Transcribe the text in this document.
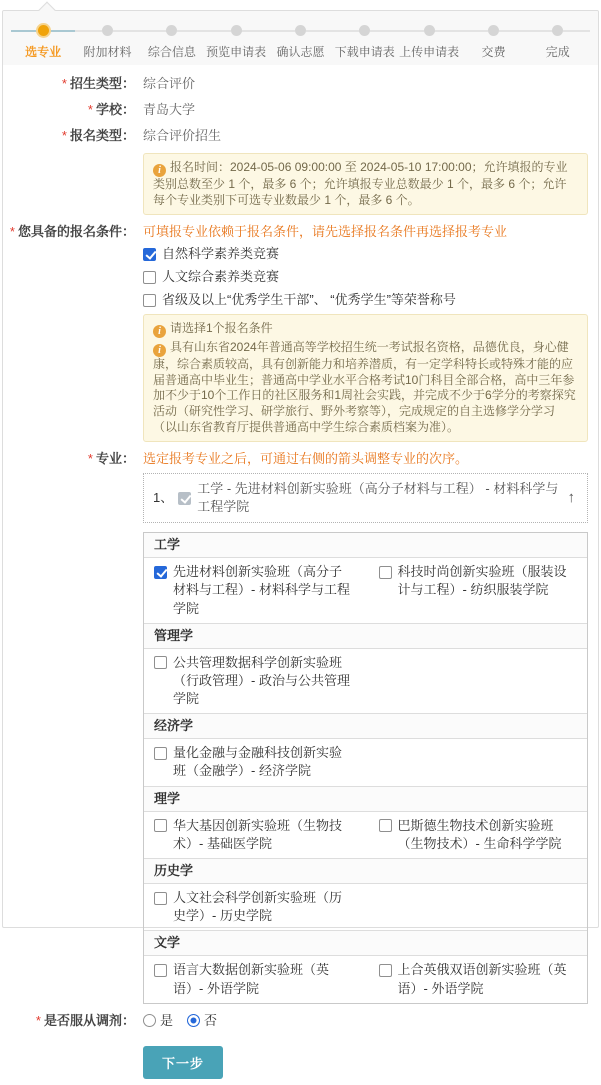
选专业	附加材料	综合信息 预览申请表 确认志愿 下载申请表 上传申请表	交费	完成
* 招生类型： 综合评价
* 学校： 青岛大学
* 报名类型： 综合评价招生
i 报名时间：2024-05-06 09:00:00 至 2024-05-10 17:00:00；允许填报的专业类别总数至少 1 个，最多 6 个；允许填报专业总数最少 1 个，最多 6 个；允许每个专业类别下可选专业数最少 1 个，最多 6 个。
* 您具备的报名条件： 可填报专业依赖于报名条件，请先选择报名条件再选择报考专业
自然科学素养类竞赛
人文综合素养类竞赛
省级及以上“优秀学生干部”、 “优秀学生”等荣誉称号
i 请选择1个报名条件
i 具有山东省2024年普通高等学校招生统一考试报名资格，品德优良，身心健康，综合素质较高，具有创新能力和培养潜质，有一定学科特长或特殊才能的应届普通高中毕业生；普通高中学业水平合格考试10门科目全部合格，高中三年参加不少于10个工作日的社区服务和1周社会实践，并完成不少于6学分的考察探究活动（研究性学习、研学旅行、野外考察等），完成规定的自主选修学分学习（以山东省教育厅提供普通高中学生综合素质档案为准）。
* 专业： 选定报考专业之后，可通过右侧的箭头调整专业的次序。
1、
工学 - 先进材料创新实验班（高分子材料与工程） - 材料科学与工程学院
↑
工学
先进材料创新实验班（高分子材料与工程）- 材料科学与工程学院
科技时尚创新实验班（服装设计与工程）- 纺织服装学院
管理学
公共管理数据科学创新实验班（行政管理）- 政治与公共管理学院
经济学
量化金融与金融科技创新实验班（金融学）- 经济学院
理学
华大基因创新实验班（生物技术）- 基础医学院
巴斯德生物技术创新实验班（生物技术）- 生命科学学院
历史学
人文社会科学创新实验班（历史学）- 历史学院
文学
语言大数据创新实验班（英语）- 外语学院
上合英俄双语创新实验班（英语）- 外语学院
* 是否服从调剂： 是 否
下一步
